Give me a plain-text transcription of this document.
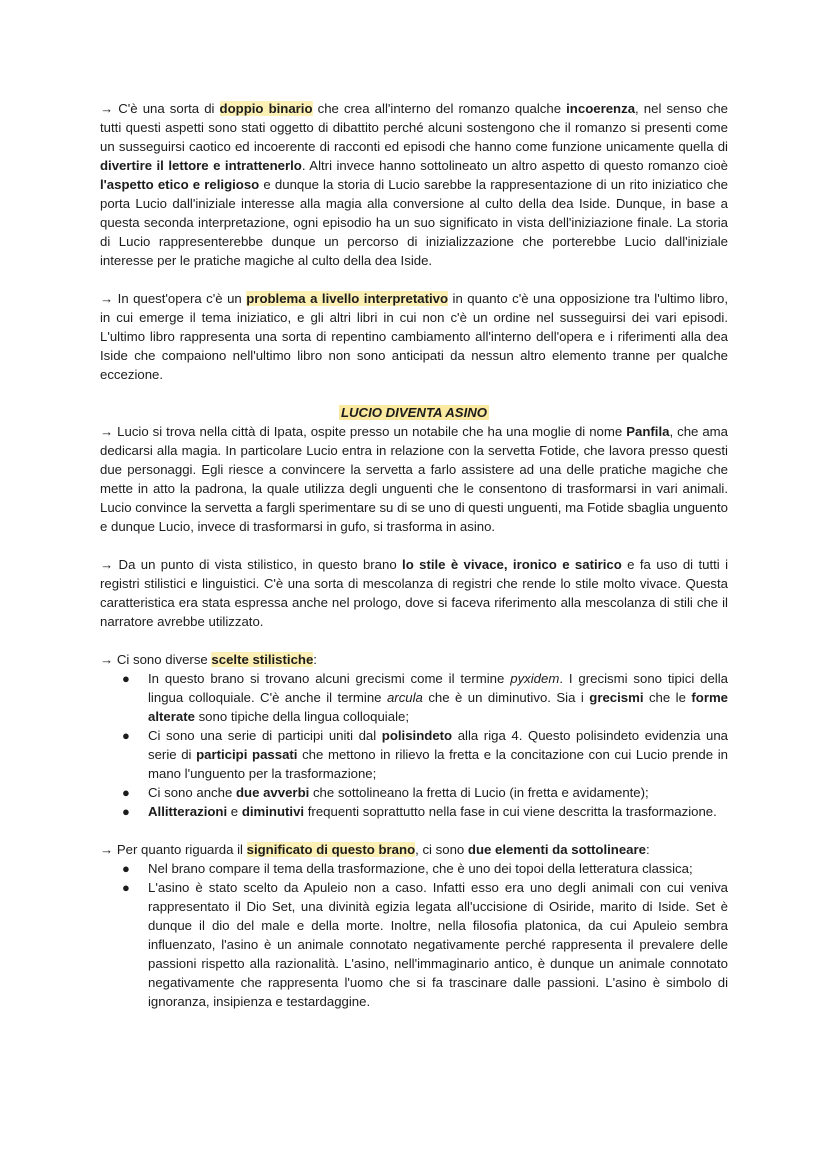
→ C'è una sorta di doppio binario che crea all'interno del romanzo qualche incoerenza, nel senso che tutti questi aspetti sono stati oggetto di dibattito perché alcuni sostengono che il romanzo si presenti come un susseguirsi caotico ed incoerente di racconti ed episodi che hanno come funzione unicamente quella di divertire il lettore e intrattenerlo. Altri invece hanno sottolineato un altro aspetto di questo romanzo cioè l'aspetto etico e religioso e dunque la storia di Lucio sarebbe la rappresentazione di un rito iniziatico che porta Lucio dall'iniziale interesse alla magia alla conversione al culto della dea Iside. Dunque, in base a questa seconda interpretazione, ogni episodio ha un suo significato in vista dell'iniziazione finale. La storia di Lucio rappresenterebbe dunque un percorso di inizializzazione che porterebbe Lucio dall'iniziale interesse per le pratiche magiche al culto della dea Iside.

→ In quest'opera c'è un problema a livello interpretativo in quanto c'è una opposizione tra l'ultimo libro, in cui emerge il tema iniziatico, e gli altri libri in cui non c'è un ordine nel susseguirsi dei vari episodi. L'ultimo libro rappresenta una sorta di repentino cambiamento all'interno dell'opera e i riferimenti alla dea Iside che compaiono nell'ultimo libro non sono anticipati da nessun altro elemento tranne per qualche eccezione.

LUCIO DIVENTA ASINO

→ Lucio si trova nella città di Ipata, ospite presso un notabile che ha una moglie di nome Panfila, che ama dedicarsi alla magia. In particolare Lucio entra in relazione con la servetta Fotide, che lavora presso questi due personaggi. Egli riesce a convincere la servetta a farlo assistere ad una delle pratiche magiche che mette in atto la padrona, la quale utilizza degli unguenti che le consentono di trasformarsi in vari animali. Lucio convince la servetta a fargli sperimentare su di se uno di questi unguenti, ma Fotide sbaglia unguento e dunque Lucio, invece di trasformarsi in gufo, si trasforma in asino.

→ Da un punto di vista stilistico, in questo brano lo stile è vivace, ironico e satirico e fa uso di tutti i registri stilistici e linguistici. C'è una sorta di mescolanza di registri che rende lo stile molto vivace. Questa caratteristica era stata espressa anche nel prologo, dove si faceva riferimento alla mescolanza di stili che il narratore avrebbe utilizzato.

→ Ci sono diverse scelte stilistiche:

● In questo brano si trovano alcuni grecismi come il termine pyxidem. I grecismi sono tipici della lingua colloquiale. C'è anche il termine arcula che è un diminutivo. Sia i grecismi che le forme alterate sono tipiche della lingua colloquiale;
● Ci sono una serie di participi uniti dal polisindeto alla riga 4. Questo polisindeto evidenzia una serie di participi passati che mettono in rilievo la fretta e la concitazione con cui Lucio prende in mano l'unguento per la trasformazione;
● Ci sono anche due avverbi che sottolineano la fretta di Lucio (in fretta e avidamente);
● Allitterazioni e diminutivi frequenti soprattutto nella fase in cui viene descritta la trasformazione.

→ Per quanto riguarda il significato di questo brano, ci sono due elementi da sottolineare:

● Nel brano compare il tema della trasformazione, che è uno dei topoi della letteratura classica;
● L'asino è stato scelto da Apuleio non a caso. Infatti esso era uno degli animali con cui veniva rappresentato il Dio Set, una divinità egizia legata all'uccisione di Osiride, marito di Iside. Set è dunque il dio del male e della morte. Inoltre, nella filosofia platonica, da cui Apuleio sembra influenzato, l'asino è un animale connotato negativamente perché rappresenta il prevalere delle passioni rispetto alla razionalità. L'asino, nell'immaginario antico, è dunque un animale connotato negativamente che rappresenta l'uomo che si fa trascinare dalle passioni. L'asino è simbolo di ignoranza, insipienza e testardaggine.
